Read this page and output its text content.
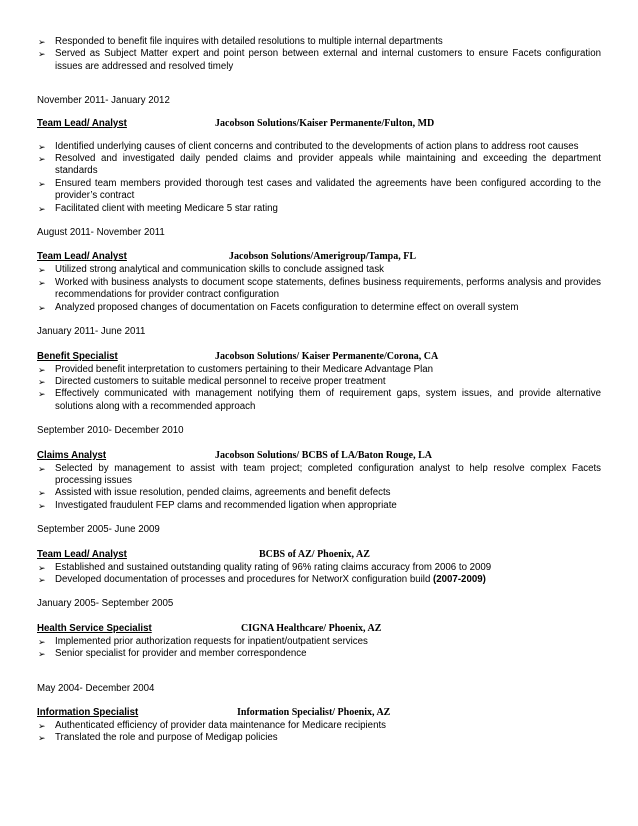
➢ Responded to benefit file inquires with detailed resolutions to multiple internal departments
➢ Served as Subject Matter expert and point person between external and internal customers to ensure Facets configuration issues are addressed and resolved timely
November 2011- January 2012
Team Lead/ Analyst	Jacobson Solutions/Kaiser Permanente/Fulton, MD
➢ Identified underlying causes of client concerns and contributed to the developments of action plans to address root causes
➢ Resolved and investigated daily pended claims and provider appeals while maintaining and exceeding the department standards
➢ Ensured team members provided thorough test cases and validated the agreements have been configured according to the provider’s contract
➢ Facilitated client with meeting Medicare 5 star rating
August 2011- November 2011
Team Lead/ Analyst	Jacobson Solutions/Amerigroup/Tampa, FL
➢ Utilized strong analytical and communication skills to conclude assigned task
➢ Worked with business analysts to document scope statements, defines business requirements, performs analysis and provides recommendations for provider contract configuration
➢ Analyzed proposed changes of documentation on Facets configuration to determine effect on overall system
January 2011- June 2011
Benefit Specialist	Jacobson Solutions/ Kaiser Permanente/Corona, CA
➢ Provided benefit interpretation to customers pertaining to their Medicare Advantage Plan
➢ Directed customers to suitable medical personnel to receive proper treatment
➢ Effectively communicated with management notifying them of requirement gaps, system issues, and provide alternative solutions along with a recommended approach
September 2010- December 2010
Claims Analyst	Jacobson Solutions/ BCBS of LA/Baton Rouge, LA
➢ Selected by management to assist with team project; completed configuration analyst to help resolve complex Facets processing issues
➢ Assisted with issue resolution, pended claims, agreements and benefit defects
➢ Investigated fraudulent FEP clams and recommended ligation when appropriate
September 2005- June 2009
Team Lead/ Analyst	BCBS of AZ/ Phoenix, AZ
➢ Established and sustained outstanding quality rating of 96% rating claims accuracy from 2006 to 2009
➢ Developed documentation of processes and procedures for NetworX configuration build (2007-2009)
January 2005- September 2005
Health Service Specialist	CIGNA Healthcare/ Phoenix, AZ
➢ Implemented prior authorization requests for inpatient/outpatient services
➢ Senior specialist for provider and member correspondence
May 2004- December 2004
Information Specialist	Information Specialist/ Phoenix, AZ
➢ Authenticated efficiency of provider data maintenance for Medicare recipients
➢ Translated the role and purpose of Medigap policies
